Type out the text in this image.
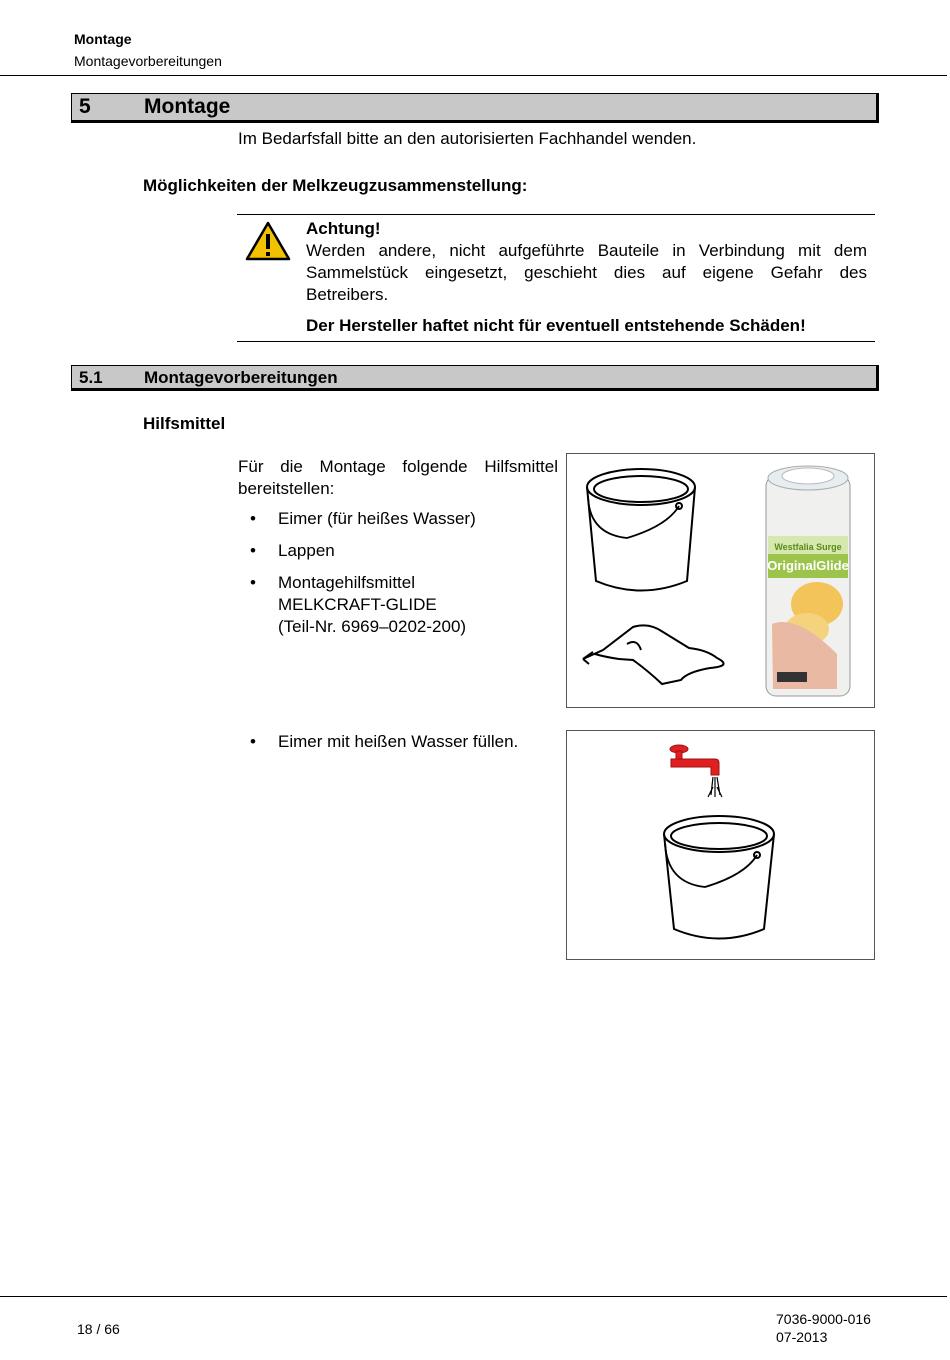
Montage
Montagevorbereitungen
5	Montage
Im Bedarfsfall bitte an den autorisierten Fachhandel wenden.
Möglichkeiten der Melkzeugzusammenstellung:
Achtung!
Werden andere, nicht aufgeführte Bauteile in Verbindung mit dem Sammelstück eingesetzt, geschieht dies auf eigene Gefahr des Betreibers.
Der Hersteller haftet nicht für eventuell entstehende Schäden!
5.1 Montagevorbereitungen
Hilfsmittel
Für die Montage folgende Hilfsmittel bereitstellen:
• Eimer (für heißes Wasser)
• Lappen
• Montagehilfsmittel
MELKCRAFT-GLIDE
(Teil-Nr. 6969–0202-200)
Westfalia Surge
OriginalGlide
• Eimer mit heißen Wasser füllen.
18 / 66
7036-9000-016
07-2013
